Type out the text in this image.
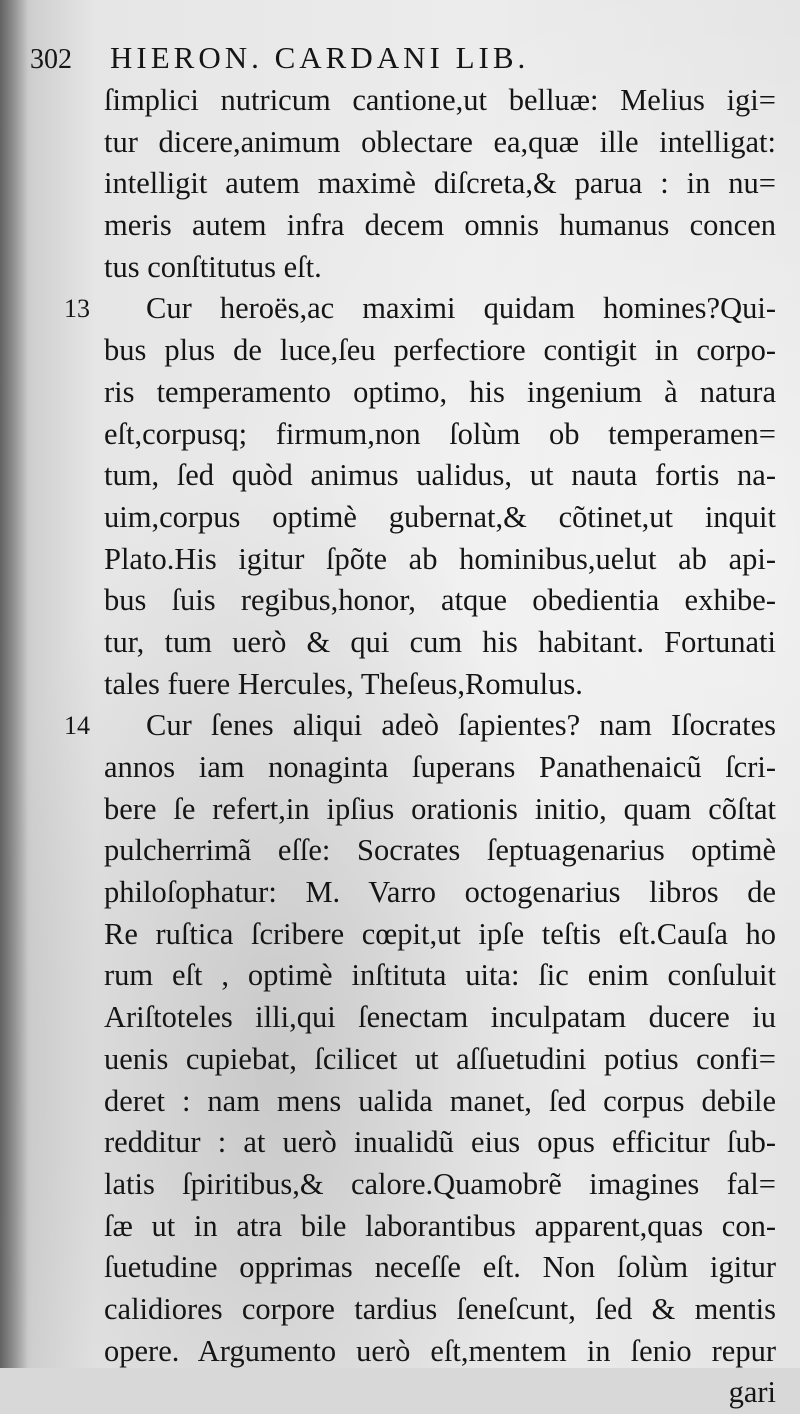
302	HIERON. CARDANI LIB.
ſimplici nutricum cantione,ut belluæ: Melius igi=
tur dicere,animum oblectare ea,quæ ille intelligat:
intelligit autem maximè diſcreta,& parua : in nu=
meris autem infra decem omnis humanus concen
tus conſtitutus eſt.
13 Cur heroës,ac maximi quidam homines?Qui-
bus plus de luce,ſeu perfectiore contigit in corpo-
ris temperamento optimo, his ingenium à natura
eſt,corpusq; firmum,non ſolùm ob temperamen=
tum, ſed quòd animus ualidus, ut nauta fortis na-
uim,corpus optimè gubernat,& cõtinet,ut inquit
Plato.His igitur ſpõte ab hominibus,uelut ab api-
bus ſuis regibus,honor, atque obedientia exhibe-
tur, tum uerò & qui cum his habitant. Fortunati
tales fuere Hercules, Theſeus,Romulus.
14 Cur ſenes aliqui adeò ſapientes? nam Iſocrates
annos iam nonaginta ſuperans Panathenaicũ ſcri-
bere ſe refert,in ipſius orationis initio, quam cõſtat
pulcherrimã eſſe: Socrates ſeptuagenarius optimè
philoſophatur: M. Varro octogenarius libros de
Re ruſtica ſcribere cœpit,ut ipſe teſtis eſt.Cauſa ho
rum eſt , optimè inſtituta uita: ſic enim conſuluit
Ariſtoteles illi,qui ſenectam inculpatam ducere iu
uenis cupiebat, ſcilicet ut aſſuetudini potius confi=
deret : nam mens ualida manet, ſed corpus debile
redditur : at uerò inualidũ eius opus efficitur ſub-
latis ſpiritibus,& calore.Quamobrẽ imagines fal=
ſæ ut in atra bile laborantibus apparent,quas con-
ſuetudine opprimas neceſſe eſt. Non ſolùm igitur
calidiores corpore tardius ſeneſcunt, ſed & mentis
opere. Argumento uerò eſt,mentem in ſenio repur
gari
